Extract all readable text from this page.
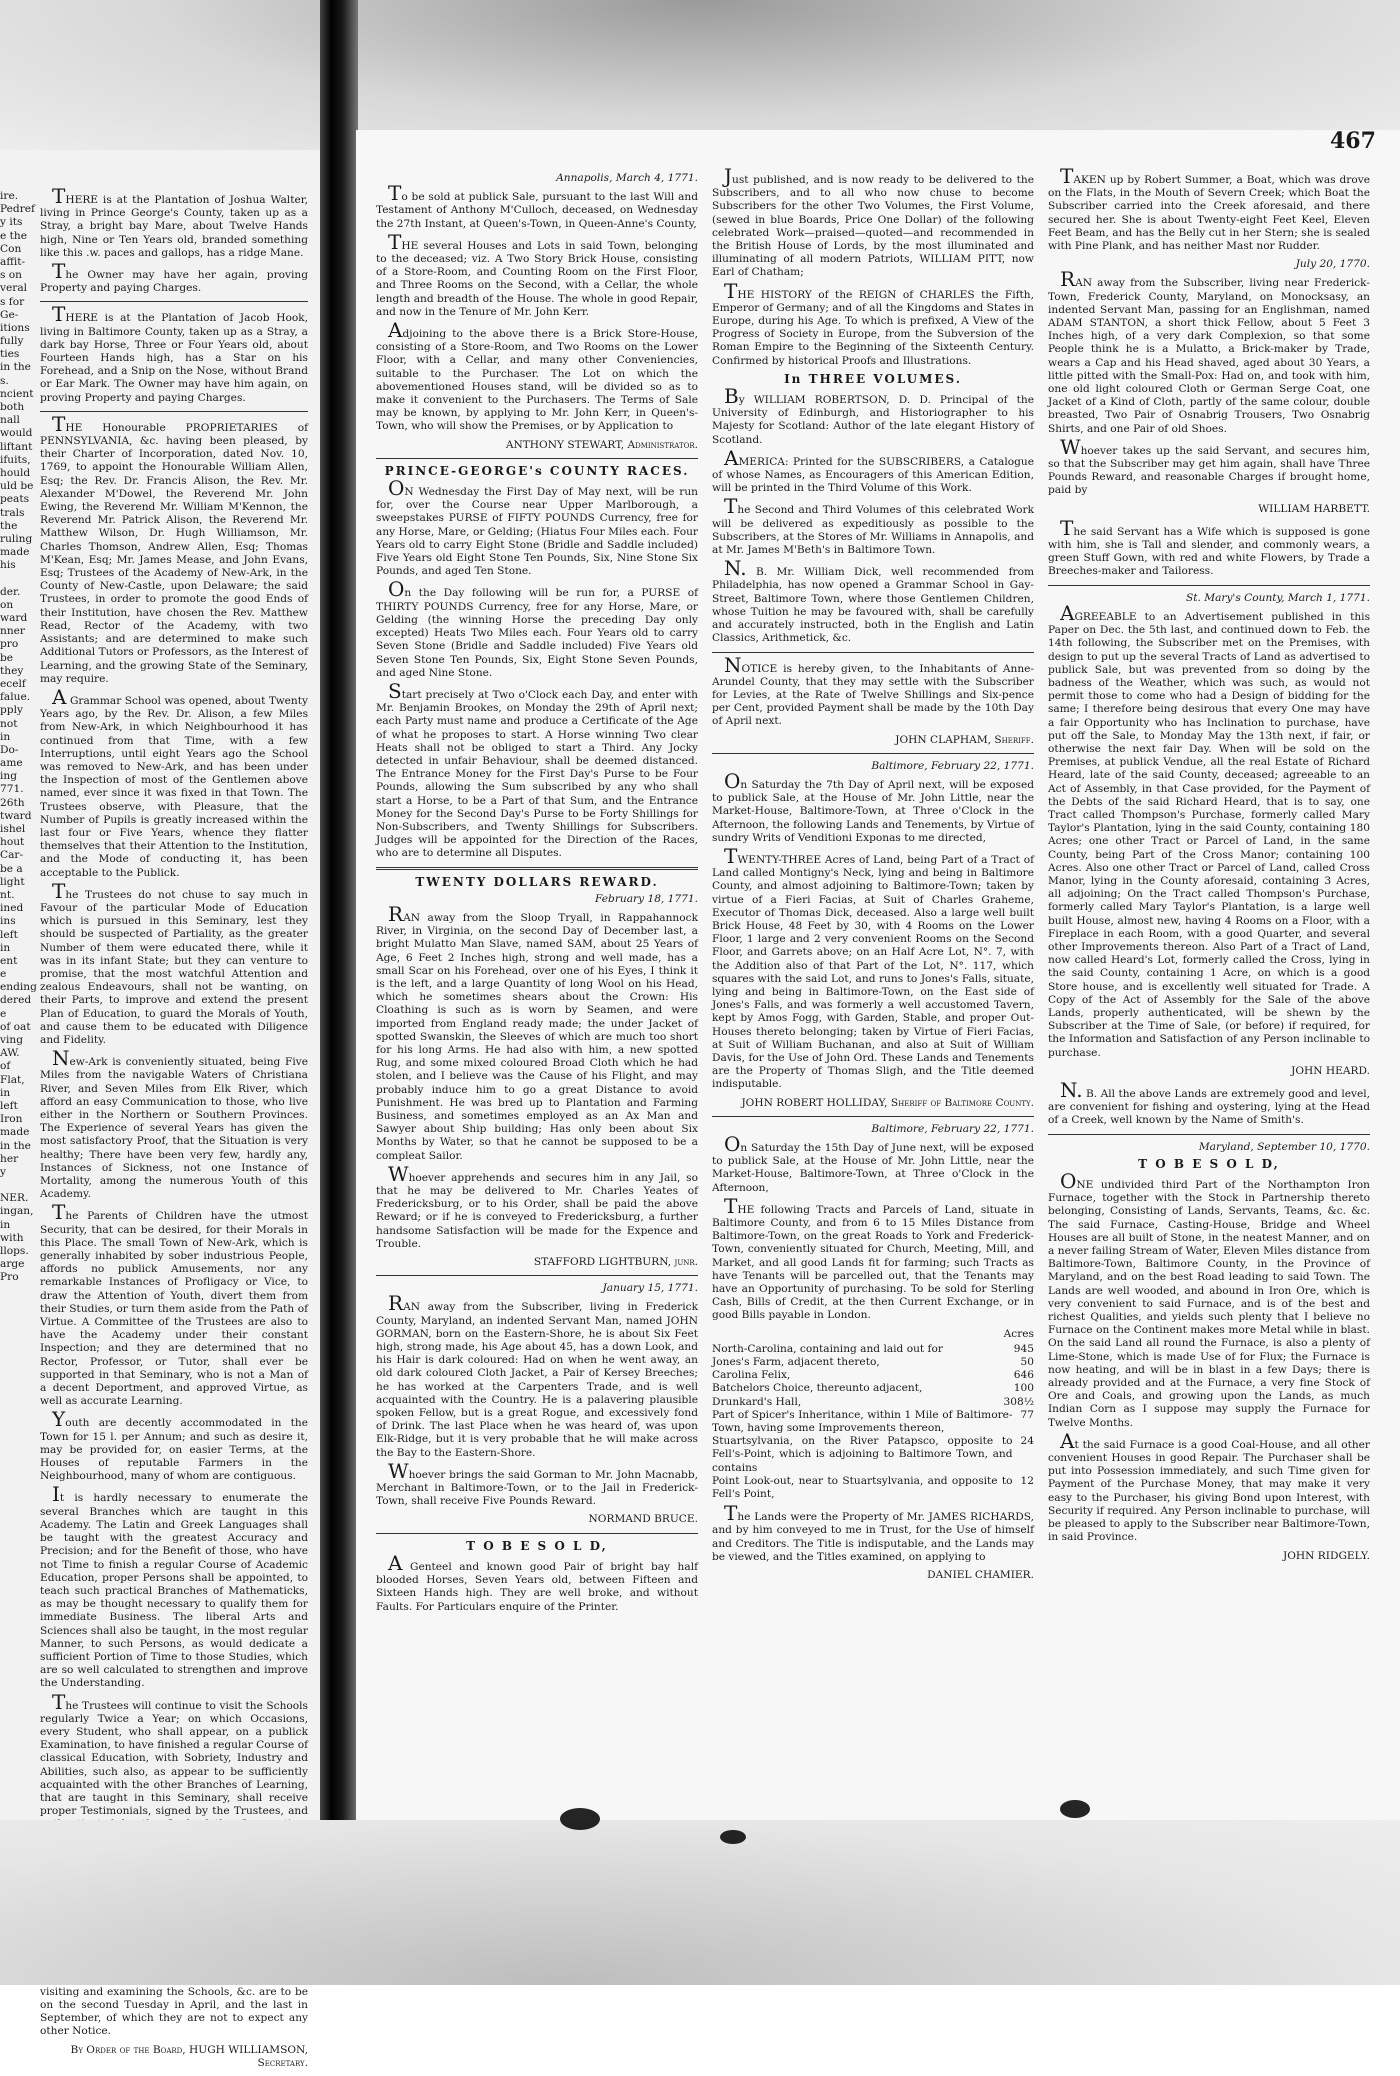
ire.
Pedref
y its
e the
Con
affit-
s on
veral
s for
Ge-
itions
fully
ties
in the
s.
ncient
both
nall
would
liftant
ifuits,
hould
uld be
peats
trals
the
ruling
made
his
der.
on
ward
nner
pro
be
they
ecelf
falue.
pply
not
in
Do-
ame
ing
771.
26th
tward
ishel
hout
Car-
be a
light
nt.
ined
ins
left
in
ent
e
ending
dered
e
of oat
ving
AW.
of
Flat,
in
left
Iron
made
in the
her
y
NER.
ingan,
in
with
llops.
arge
Pro

THERE is at the Plantation of Joshua Walter, living in Prince George's County, taken up as a Stray, a bright bay Mare, about Twelve Hands high, Nine or Ten Years old, branded something like this .w. paces and gallops, has a ridge Mane.

The Owner may have her again, proving Property and paying Charges.

THERE is at the Plantation of Jacob Hook, living in Baltimore County, taken up as a Stray, a dark bay Horse, Three or Four Years old, about Fourteen Hands high, has a Star on his Forehead, and a Snip on the Nose, without Brand or Ear Mark. The Owner may have him again, on proving Property and paying Charges.

THE Honourable PROPRIETARIES of PENNSYLVANIA, &c. having been pleased, by their Charter of Incorporation, dated Nov. 10, 1769, to appoint the Honourable William Allen, Esq; the Rev. Dr. Francis Alison, the Rev. Mr. Alexander M'Dowel, the Reverend Mr. John Ewing, the Reverend Mr. William M'Kennon, the Reverend Mr. Patrick Alison, the Reverend Mr. Matthew Wilson, Dr. Hugh Williamson, Mr. Charles Thomson, Andrew Allen, Esq; Thomas M'Kean, Esq; Mr. James Mease, and John Evans, Esq; Trustees of the Academy of New-Ark, in the County of New-Castle, upon Delaware; the said Trustees, in order to promote the good Ends of their Institution, have chosen the Rev. Matthew Read, Rector of the Academy, with two Assistants; and are determined to make such Additional Tutors or Professors, as the Interest of Learning, and the growing State of the Seminary, may require.

A Grammar School was opened, about Twenty Years ago, by the Rev. Dr. Alison, a few Miles from New-Ark, in which Neighbourhood it has continued from that Time, with a few Interruptions, until eight Years ago the School was removed to New-Ark, and has been under the Inspection of most of the Gentlemen above named, ever since it was fixed in that Town. The Trustees observe, with Pleasure, that the Number of Pupils is greatly increased within the last four or Five Years, whence they flatter themselves that their Attention to the Institution, and the Mode of conducting it, has been acceptable to the Publick.

The Trustees do not chuse to say much in Favour of the particular Mode of Education which is pursued in this Seminary, lest they should be suspected of Partiality, as the greater Number of them were educated there, while it was in its infant State; but they can venture to promise, that the most watchful Attention and zealous Endeavours, shall not be wanting, on their Parts, to improve and extend the present Plan of Education, to guard the Morals of Youth, and cause them to be educated with Diligence and Fidelity.

New-Ark is conveniently situated, being Five Miles from the navigable Waters of Christiana River, and Seven Miles from Elk River, which afford an easy Communication to those, who live either in the Northern or Southern Provinces. The Experience of several Years has given the most satisfactory Proof, that the Situation is very healthy; There have been very few, hardly any, Instances of Sickness, not one Instance of Mortality, among the numerous Youth of this Academy.

The Parents of Children have the utmost Security, that can be desired, for their Morals in this Place. The small Town of New-Ark, which is generally inhabited by sober industrious People, affords no publick Amusements, nor any remarkable Instances of Profligacy or Vice, to draw the Attention of Youth, divert them from their Studies, or turn them aside from the Path of Virtue. A Committee of the Trustees are also to have the Academy under their constant Inspection; and they are determined that no Rector, Professor, or Tutor, shall ever be supported in that Seminary, who is not a Man of a decent Deportment, and approved Virtue, as well as accurate Learning.

Youth are decently accommodated in the Town for 15 l. per Annum; and such as desire it, may be provided for, on easier Terms, at the Houses of reputable Farmers in the Neighbourhood, many of whom are contiguous.

It is hardly necessary to enumerate the several Branches which are taught in this Academy. The Latin and Greek Languages shall be taught with the greatest Accuracy and Precision; and for the Benefit of those, who have not Time to finish a regular Course of Academic Education, proper Persons shall be appointed, to teach such practical Branches of Mathematicks, as may be thought necessary to qualify them for immediate Business. The liberal Arts and Sciences shall also be taught, in the most regular Manner, to such Persons, as would dedicate a sufficient Portion of Time to those Studies, which are so well calculated to strengthen and improve the Understanding.

The Trustees will continue to visit the Schools regularly Twice a Year; on which Occasions, every Student, who shall appear, on a publick Examination, to have finished a regular Course of classical Education, with Sobriety, Industry and Abilities, such also, as appear to be sufficiently acquainted with the other Branches of Learning, that are taught in this Seminary, shall receive proper Testimonials, signed by the Trustees, and

visiting and examining the Schools, &c. are to be on the second Tuesday in April, and the last in September, of which they are not to expect any other Notice.

By Order of the Board, HUGH WILLIAMSON, Secretary.
Annapolis, March 4, 1771.

To be sold at publick Sale, pursuant to the last Will and Testament of Anthony M'Culloch, deceased, on Wednesday the 27th Instant, at Queen's-Town, in Queen-Anne's County,

THE several Houses and Lots in said Town, belonging to the deceased; viz. A Two Story Brick House, consisting of a Store-Room, and Counting Room on the First Floor, and Three Rooms on the Second, with a Cellar, the whole length and breadth of the House. The whole in good Repair, and now in the Tenure of Mr. John Kerr.

Adjoining to the above there is a Brick Store-House, consisting of a Store-Room, and Two Rooms on the Lower Floor, with a Cellar, and many other Conveniencies, suitable to the Purchaser. The Lot on which the abovementioned Houses stand, will be divided so as to make it convenient to the Purchasers. The Terms of Sale may be known, by applying to Mr. John Kerr, in Queen's-Town, who will show the Premises, or by Application to

ANTHONY STEWART, Administrator.
PRINCE-GEORGE's COUNTY RACES.

ON Wednesday the First Day of May next, will be run for, over the Course near Upper Marlborough, a sweepstakes PURSE of FIFTY POUNDS Currency, free for any Horse, Mare, or Gelding; (Hiatus Four Miles each. Four Years old to carry Eight Stone (Bridle and Saddle included) Five Years old Eight Stone Ten Pounds, Six, Nine Stone Six Pounds, and aged Ten Stone.

On the Day following will be run for, a PURSE of THIRTY POUNDS Currency, free for any Horse, Mare, or Gelding (the winning Horse the preceding Day only excepted) Heats Two Miles each. Four Years old to carry Seven Stone (Bridle and Saddle included) Five Years old Seven Stone Ten Pounds, Six, Eight Stone Seven Pounds, and aged Nine Stone.

Start precisely at Two o'Clock each Day, and enter with Mr. Benjamin Brookes, on Monday the 29th of April next; each Party must name and produce a Certificate of the Age of what he proposes to start. A Horse winning Two clear Heats shall not be obliged to start a Third. Any Jocky detected in unfair Behaviour, shall be deemed distanced. The Entrance Money for the First Day's Purse to be Four Pounds, allowing the Sum subscribed by any who shall start a Horse, to be a Part of that Sum, and the Entrance Money for the Second Day's Purse to be Forty Shillings for Non-Subscribers, and Twenty Shillings for Subscribers. Judges will be appointed for the Direction of the Races, who are to determine all Disputes.

TWENTY DOLLARS REWARD.
February 18, 1771.

RAN away from the Sloop Tryall, in Rappahannock River, in Virginia, on the second Day of December last, a bright Mulatto Man Slave, named SAM, about 25 Years of Age, 6 Feet 2 Inches high, strong and well made, has a small Scar on his Forehead, over one of his Eyes, I think it is the left, and a large Quantity of long Wool on his Head, which he sometimes shears about the Crown: His Cloathing is such as is worn by Seamen, and were imported from England ready made; the under Jacket of spotted Swanskin, the Sleeves of which are much too short for his long Arms. He had also with him, a new spotted Rug, and some mixed coloured Broad Cloth which he had stolen, and I believe was the Cause of his Flight, and may probably induce him to go a great Distance to avoid Punishment. He was bred up to Plantation and Farming Business, and sometimes employed as an Ax Man and Sawyer about Ship building; Has only been about Six Months by Water, so that he cannot be supposed to be a compleat Sailor.

Whoever apprehends and secures him in any Jail, so that he may be delivered to Mr. Charles Yeates of Fredericksburg, or to his Order, shall be paid the above Reward; or if he is conveyed to Fredericksburg, a further handsome Satisfaction will be made for the Expence and Trouble.

STAFFORD LIGHTBURN, junr.
January 15, 1771.

RAN away from the Subscriber, living in Frederick County, Maryland, an indented Servant Man, named JOHN GORMAN, born on the Eastern-Shore, he is about Six Feet high, strong made, his Age about 45, has a down Look, and his Hair is dark coloured: Had on when he went away, an old dark coloured Cloth Jacket, a Pair of Kersey Breeches; he has worked at the Carpenters Trade, and is well acquainted with the Country. He is a palavering plausible spoken Fellow, but is a great Rogue, and excessively fond of Drink. The last Place when he was heard of, was upon Elk-Ridge, but it is very probable that he will make across the Bay to the Eastern-Shore.

Whoever brings the said Gorman to Mr. John Macnabb, Merchant in Baltimore-Town, or to the Jail in Frederick-Town, shall receive Five Pounds Reward.

NORMAND BRUCE.
T O B E S O L D,

A Genteel and known good Pair of bright bay half blooded Horses, Seven Years old, between Fifteen and Sixteen Hands high. They are well broke, and without Faults. For Particulars enquire of the Printer.

Just published, and is now ready to be delivered to the Subscribers, and to all who now chuse to become Subscribers for the other Two Volumes, the First Volume, (sewed in blue Boards, Price One Dollar) of the following celebrated Work—praised—quoted—and recommended in the British House of Lords, by the most illuminated and illuminating of all modern Patriots, WILLIAM PITT, now Earl of Chatham;

THE HISTORY of the REIGN of CHARLES the Fifth, Emperor of Germany; and of all the Kingdoms and States in Europe, during his Age. To which is prefixed, A View of the Progress of Society in Europe, from the Subversion of the Roman Empire to the Beginning of the Sixteenth Century. Confirmed by historical Proofs and Illustrations.

In THREE VOLUMES.

By WILLIAM ROBERTSON, D. D. Principal of the University of Edinburgh, and Historiographer to his Majesty for Scotland: Author of the late elegant History of Scotland.

AMERICA: Printed for the SUBSCRIBERS, a Catalogue of whose Names, as Encouragers of this American Edition, will be printed in the Third Volume of this Work.

The Second and Third Volumes of this celebrated Work will be delivered as expeditiously as possible to the Subscribers, at the Stores of Mr. Williams in Annapolis, and at Mr. James M'Beth's in Baltimore Town.

N. B. Mr. William Dick, well recommended from Philadelphia, has now opened a Grammar School in Gay-Street, Baltimore Town, where those Gentlemen Children, whose Tuition he may be favoured with, shall be carefully and accurately instructed, both in the English and Latin Classics, Arithmetick, &c.

NOTICE is hereby given, to the Inhabitants of Anne-Arundel County, that they may settle with the Subscriber for Levies, at the Rate of Twelve Shillings and Six-pence per Cent, provided Payment shall be made by the 10th Day of April next.

JOHN CLAPHAM, Sheriff.
Baltimore, February 22, 1771.

On Saturday the 7th Day of April next, will be exposed to publick Sale, at the House of Mr. John Little, near the Market-House, Baltimore-Town, at Three o'Clock in the Afternoon, the following Lands and Tenements, by Virtue of sundry Writs of Venditioni Exponas to me directed,

TWENTY-THREE Acres of Land, being Part of a Tract of Land called Montigny's Neck, lying and being in Baltimore County, and almost adjoining to Baltimore-Town; taken by virtue of a Fieri Facias, at Suit of Charles Graheme, Executor of Thomas Dick, deceased. Also a large well built Brick House, 48 Feet by 30, with 4 Rooms on the Lower Floor, 1 large and 2 very convenient Rooms on the Second Floor, and Garrets above; on an Half Acre Lot, N°. 7, with the Addition also of that Part of the Lot, N°. 117, which squares with the said Lot, and runs to Jones's Falls, situate, lying and being in Baltimore-Town, on the East side of Jones's Falls, and was formerly a well accustomed Tavern, kept by Amos Fogg, with Garden, Stable, and proper Out-Houses thereto belonging; taken by Virtue of Fieri Facias, at Suit of William Buchanan, and also at Suit of William Davis, for the Use of John Ord. These Lands and Tenements are the Property of Thomas Sligh, and the Title deemed indisputable.

JOHN ROBERT HOLLIDAY, Sheriff of Baltimore County.
Baltimore, February 22, 1771.

On Saturday the 15th Day of June next, will be exposed to publick Sale, at the House of Mr. John Little, near the Market-House, Baltimore-Town, at Three o'Clock in the Afternoon,

THE following Tracts and Parcels of Land, situate in Baltimore County, and from 6 to 15 Miles Distance from Baltimore-Town, on the great Roads to York and Frederick-Town, conveniently situated for Church, Meeting, Mill, and Market, and all good Lands fit for farming; such Tracts as have Tenants will be parcelled out, that the Tenants may have an Opportunity of purchasing. To be sold for Sterling Cash, Bills of Credit, at the then Current Exchange, or in good Bills payable in London.

Acres
North-Carolina, containing and laid out for	945
Jones's Farm, adjacent thereto,	50
Carolina Felix,	646
Batchelors Choice, thereunto adjacent,	100
Drunkard's Hall,	308½
Part of Spicer's Inheritance, within 1 Mile of Baltimore-Town, having some Improvements thereon,
77
Stuartsylvania, on the River Patapsco, opposite to Fell's-Point, which is adjoining to Baltimore Town, and contains
24
Point Look-out, near to Stuartsylvania, and opposite to Fell's Point,
12

The Lands were the Property of Mr. JAMES RICHARDS, and by him conveyed to me in Trust, for the Use of himself and Creditors. The Title is indisputable, and the Lands may be viewed, and the Titles examined, on applying to

DANIEL CHAMIER.

TAKEN up by Robert Summer, a Boat, which was drove on the Flats, in the Mouth of Severn Creek; which Boat the Subscriber carried into the Creek aforesaid, and there secured her. She is about Twenty-eight Feet Keel, Eleven Feet Beam, and has the Belly cut in her Stern; she is sealed with Pine Plank, and has neither Mast nor Rudder.

July 20, 1770.

RAN away from the Subscriber, living near Frederick-Town, Frederick County, Maryland, on Monocksasy, an indented Servant Man, passing for an Englishman, named ADAM STANTON, a short thick Fellow, about 5 Feet 3 Inches high, of a very dark Complexion, so that some People think he is a Mulatto, a Brick-maker by Trade, wears a Cap and his Head shaved, aged about 30 Years, a little pitted with the Small-Pox: Had on, and took with him, one old light coloured Cloth or German Serge Coat, one Jacket of a Kind of Cloth, partly of the same colour, double breasted, Two Pair of Osnabrig Trousers, Two Osnabrig Shirts, and one Pair of old Shoes.

Whoever takes up the said Servant, and secures him, so that the Subscriber may get him again, shall have Three Pounds Reward, and reasonable Charges if brought home, paid by

WILLIAM HARBETT.

The said Servant has a Wife which is supposed is gone with him, she is Tall and slender, and commonly wears, a green Stuff Gown, with red and white Flowers, by Trade a Breeches-maker and Tailoress.

St. Mary's County, March 1, 1771.

AGREEABLE to an Advertisement published in this Paper on Dec. the 5th last, and continued down to Feb. the 14th following, the Subscriber met on the Premises, with design to put up the several Tracts of Land as advertised to publick Sale, but was prevented from so doing by the badness of the Weather, which was such, as would not permit those to come who had a Design of bidding for the same; I therefore being desirous that every One may have a fair Opportunity who has Inclination to purchase, have put off the Sale, to Monday May the 13th next, if fair, or otherwise the next fair Day. When will be sold on the Premises, at publick Vendue, all the real Estate of Richard Heard, late of the said County, deceased; agreeable to an Act of Assembly, in that Case provided, for the Payment of the Debts of the said Richard Heard, that is to say, one Tract called Thompson's Purchase, formerly called Mary Taylor's Plantation, lying in the said County, containing 180 Acres; one other Tract or Parcel of Land, in the same County, being Part of the Cross Manor; containing 100 Acres. Also one other Tract or Parcel of Land, called Cross Manor, lying in the County aforesaid, containing 3 Acres, all adjoining; On the Tract called Thompson's Purchase, formerly called Mary Taylor's Plantation, is a large well built House, almost new, having 4 Rooms on a Floor, with a Fireplace in each Room, with a good Quarter, and several other Improvements thereon. Also Part of a Tract of Land, now called Heard's Lot, formerly called the Cross, lying in the said County, containing 1 Acre, on which is a good Store house, and is excellently well situated for Trade. A Copy of the Act of Assembly for the Sale of the above Lands, properly authenticated, will be shewn by the Subscriber at the Time of Sale, (or before) if required, for the Information and Satisfaction of any Person inclinable to purchase.

JOHN HEARD.

N. B. All the above Lands are extremely good and level, are convenient for fishing and oystering, lying at the Head of a Creek, well known by the Name of Smith's.

Maryland, September 10, 1770.
T O B E S O L D,

ONE undivided third Part of the Northampton Iron Furnace, together with the Stock in Partnership thereto belonging, Consisting of Lands, Servants, Teams, &c. &c. The said Furnace, Casting-House, Bridge and Wheel Houses are all built of Stone, in the neatest Manner, and on a never failing Stream of Water, Eleven Miles distance from Baltimore-Town, Baltimore County, in the Province of Maryland, and on the best Road leading to said Town. The Lands are well wooded, and abound in Iron Ore, which is very convenient to said Furnace, and is of the best and richest Qualities, and yields such plenty that I believe no Furnace on the Continent makes more Metal while in blast. On the said Land all round the Furnace, is also a plenty of Lime-Stone, which is made Use of for Flux; the Furnace is now heating, and will be in blast in a few Days; there is already provided and at the Furnace, a very fine Stock of Ore and Coals, and growing upon the Lands, as much Indian Corn as I suppose may supply the Furnace for Twelve Months.

At the said Furnace is a good Coal-House, and all other convenient Houses in good Repair. The Purchaser shall be put into Possession immediately, and such Time given for Payment of the Purchase Money, that may make it very easy to the Purchaser, his giving Bond upon Interest, with Security if required. Any Person inclinable to purchase, will be pleased to apply to the Subscriber near Baltimore-Town, in said Province.

JOHN RIDGELY.
467
